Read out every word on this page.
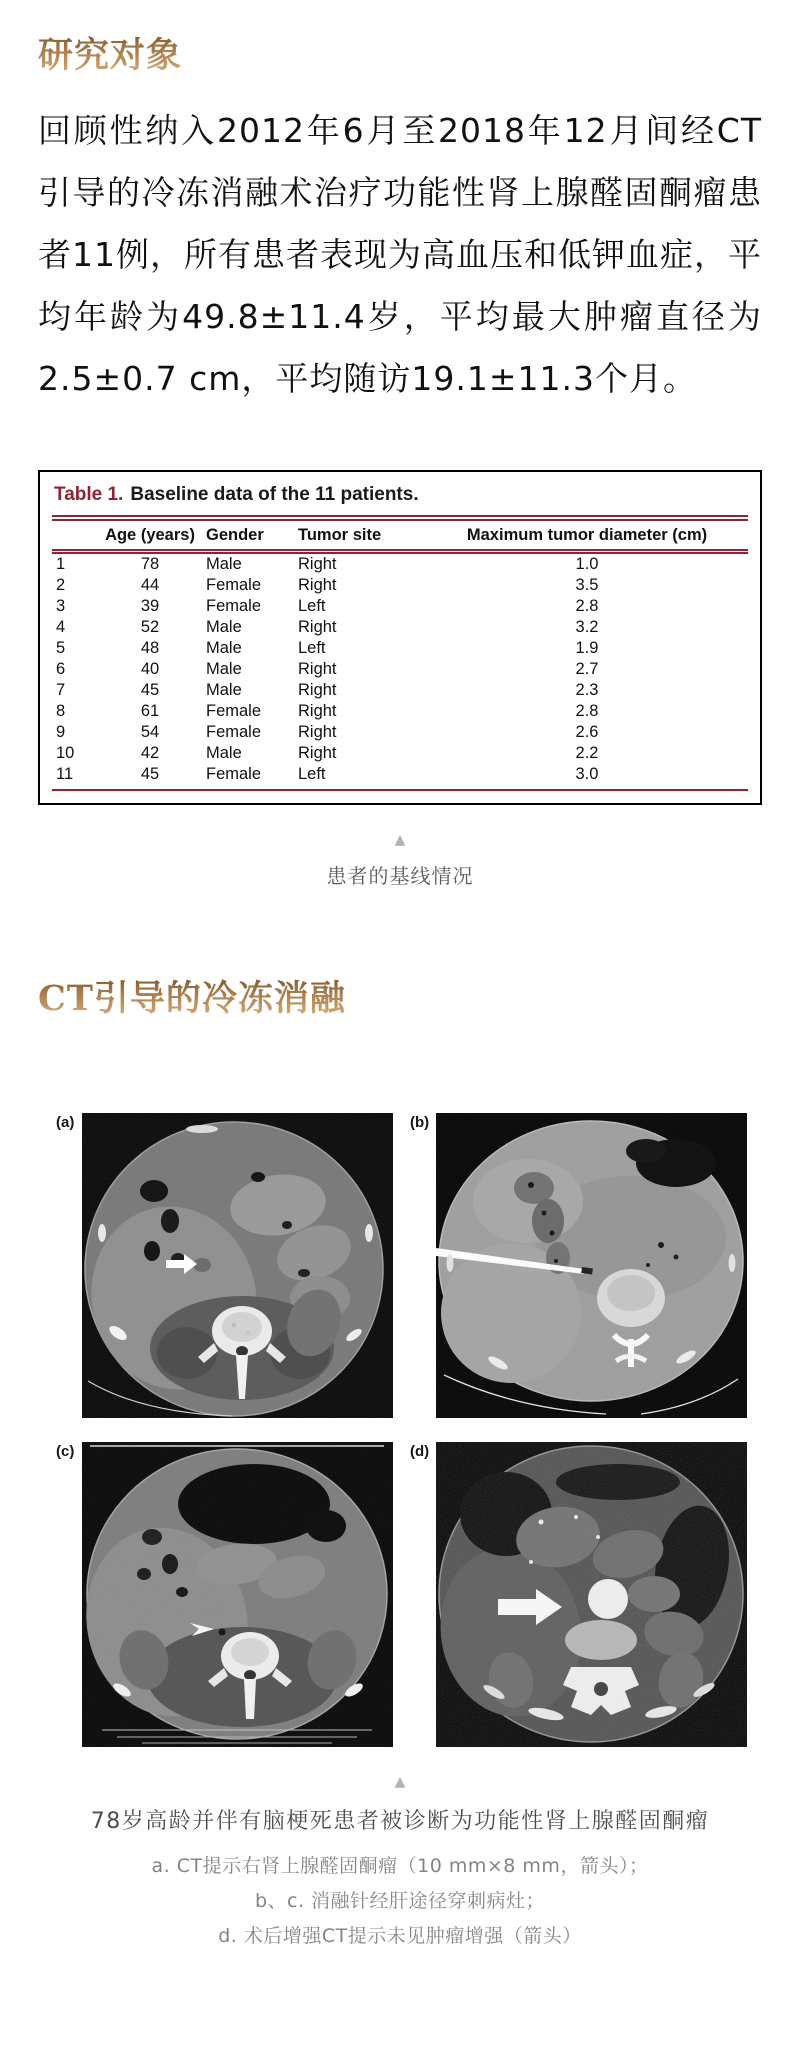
研究对象
回顾性纳入2012年6月至2018年12月间经CT引导的冷冻消融术治疗功能性肾上腺醛固酮瘤患者11例，所有患者表现为高血压和低钾血症，平均年龄为49.8±11.4岁，平均最大肿瘤直径为2.5±0.7 cm，平均随访19.1±11.3个月。
Table 1. Baseline data of the 11 patients.
	Age (years)	Gender	Tumor site	Maximum tumor diameter (cm)
1	78	Male	Right	1.0
2	44	Female	Right	3.5
3	39	Female	Left	2.8
4	52	Male	Right	3.2
5	48	Male	Left	1.9
6	40	Male	Right	2.7
7	45	Male	Right	2.3
8	61	Female	Right	2.8
9	54	Female	Right	2.6
10	42	Male	Right	2.2
11	45	Female	Left	3.0
▲
患者的基线情况
CT引导的冷冻消融
(a)	(b)
(c)	(d)
▲
78岁高龄并伴有脑梗死患者被诊断为功能性肾上腺醛固酮瘤
a. CT提示右肾上腺醛固酮瘤（10 mm×8 mm，箭头）；
b、c. 消融针经肝途径穿刺病灶；
d. 术后增强CT提示未见肿瘤增强（箭头）
